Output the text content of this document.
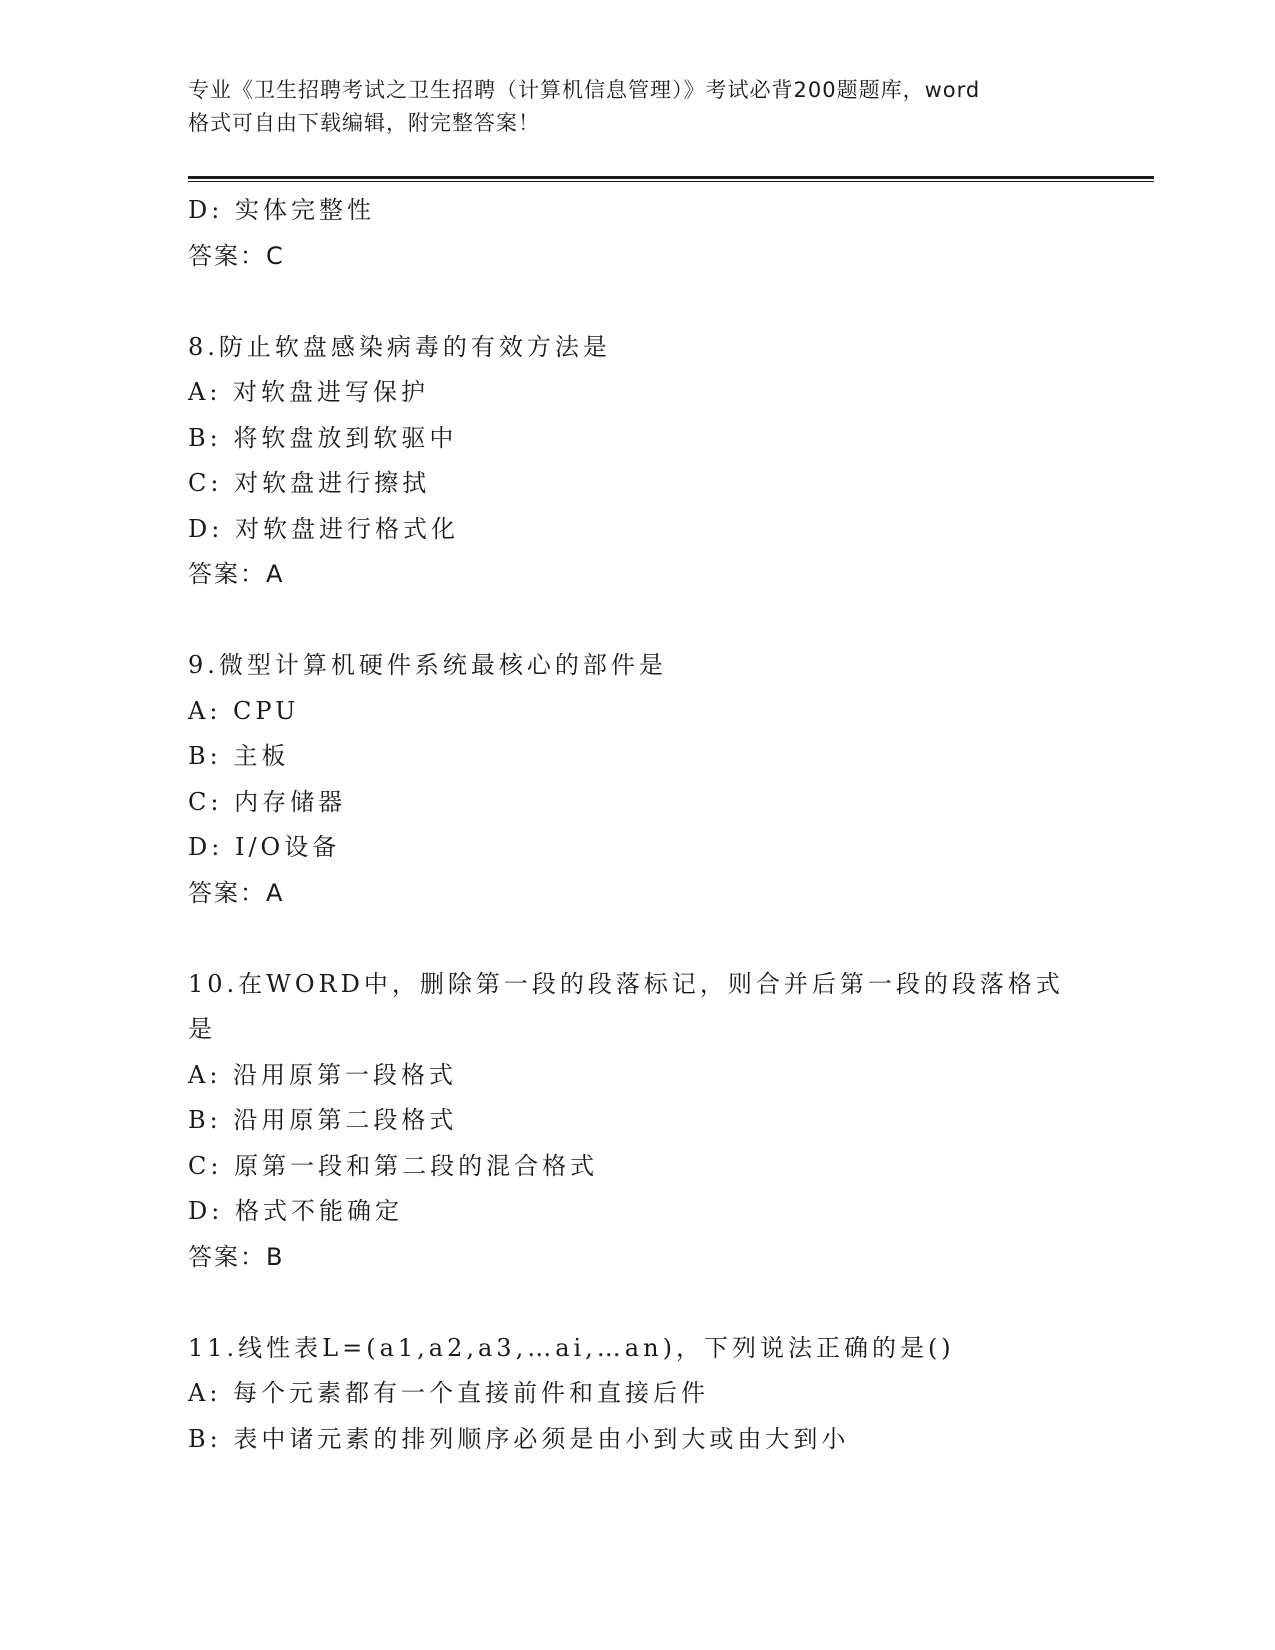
专业《卫生招聘考试之卫生招聘（计算机信息管理）》考试必背200题题库，word
格式可自由下载编辑，附完整答案！
D: 实体完整性
答案：C
8.防止软盘感染病毒的有效方法是
A: 对软盘进写保护
B: 将软盘放到软驱中
C: 对软盘进行擦拭
D: 对软盘进行格式化
答案：A
9.微型计算机硬件系统最核心的部件是
A: CPU
B: 主板
C: 内存储器
D: I/O设备
答案：A
10.在WORD中，删除第一段的段落标记，则合并后第一段的段落格式
是
A: 沿用原第一段格式
B: 沿用原第二段格式
C: 原第一段和第二段的混合格式
D: 格式不能确定
答案：B
11.线性表L=(a1,a2,a3,…ai,…an)，下列说法正确的是()
A: 每个元素都有一个直接前件和直接后件
B: 表中诸元素的排列顺序必须是由小到大或由大到小
